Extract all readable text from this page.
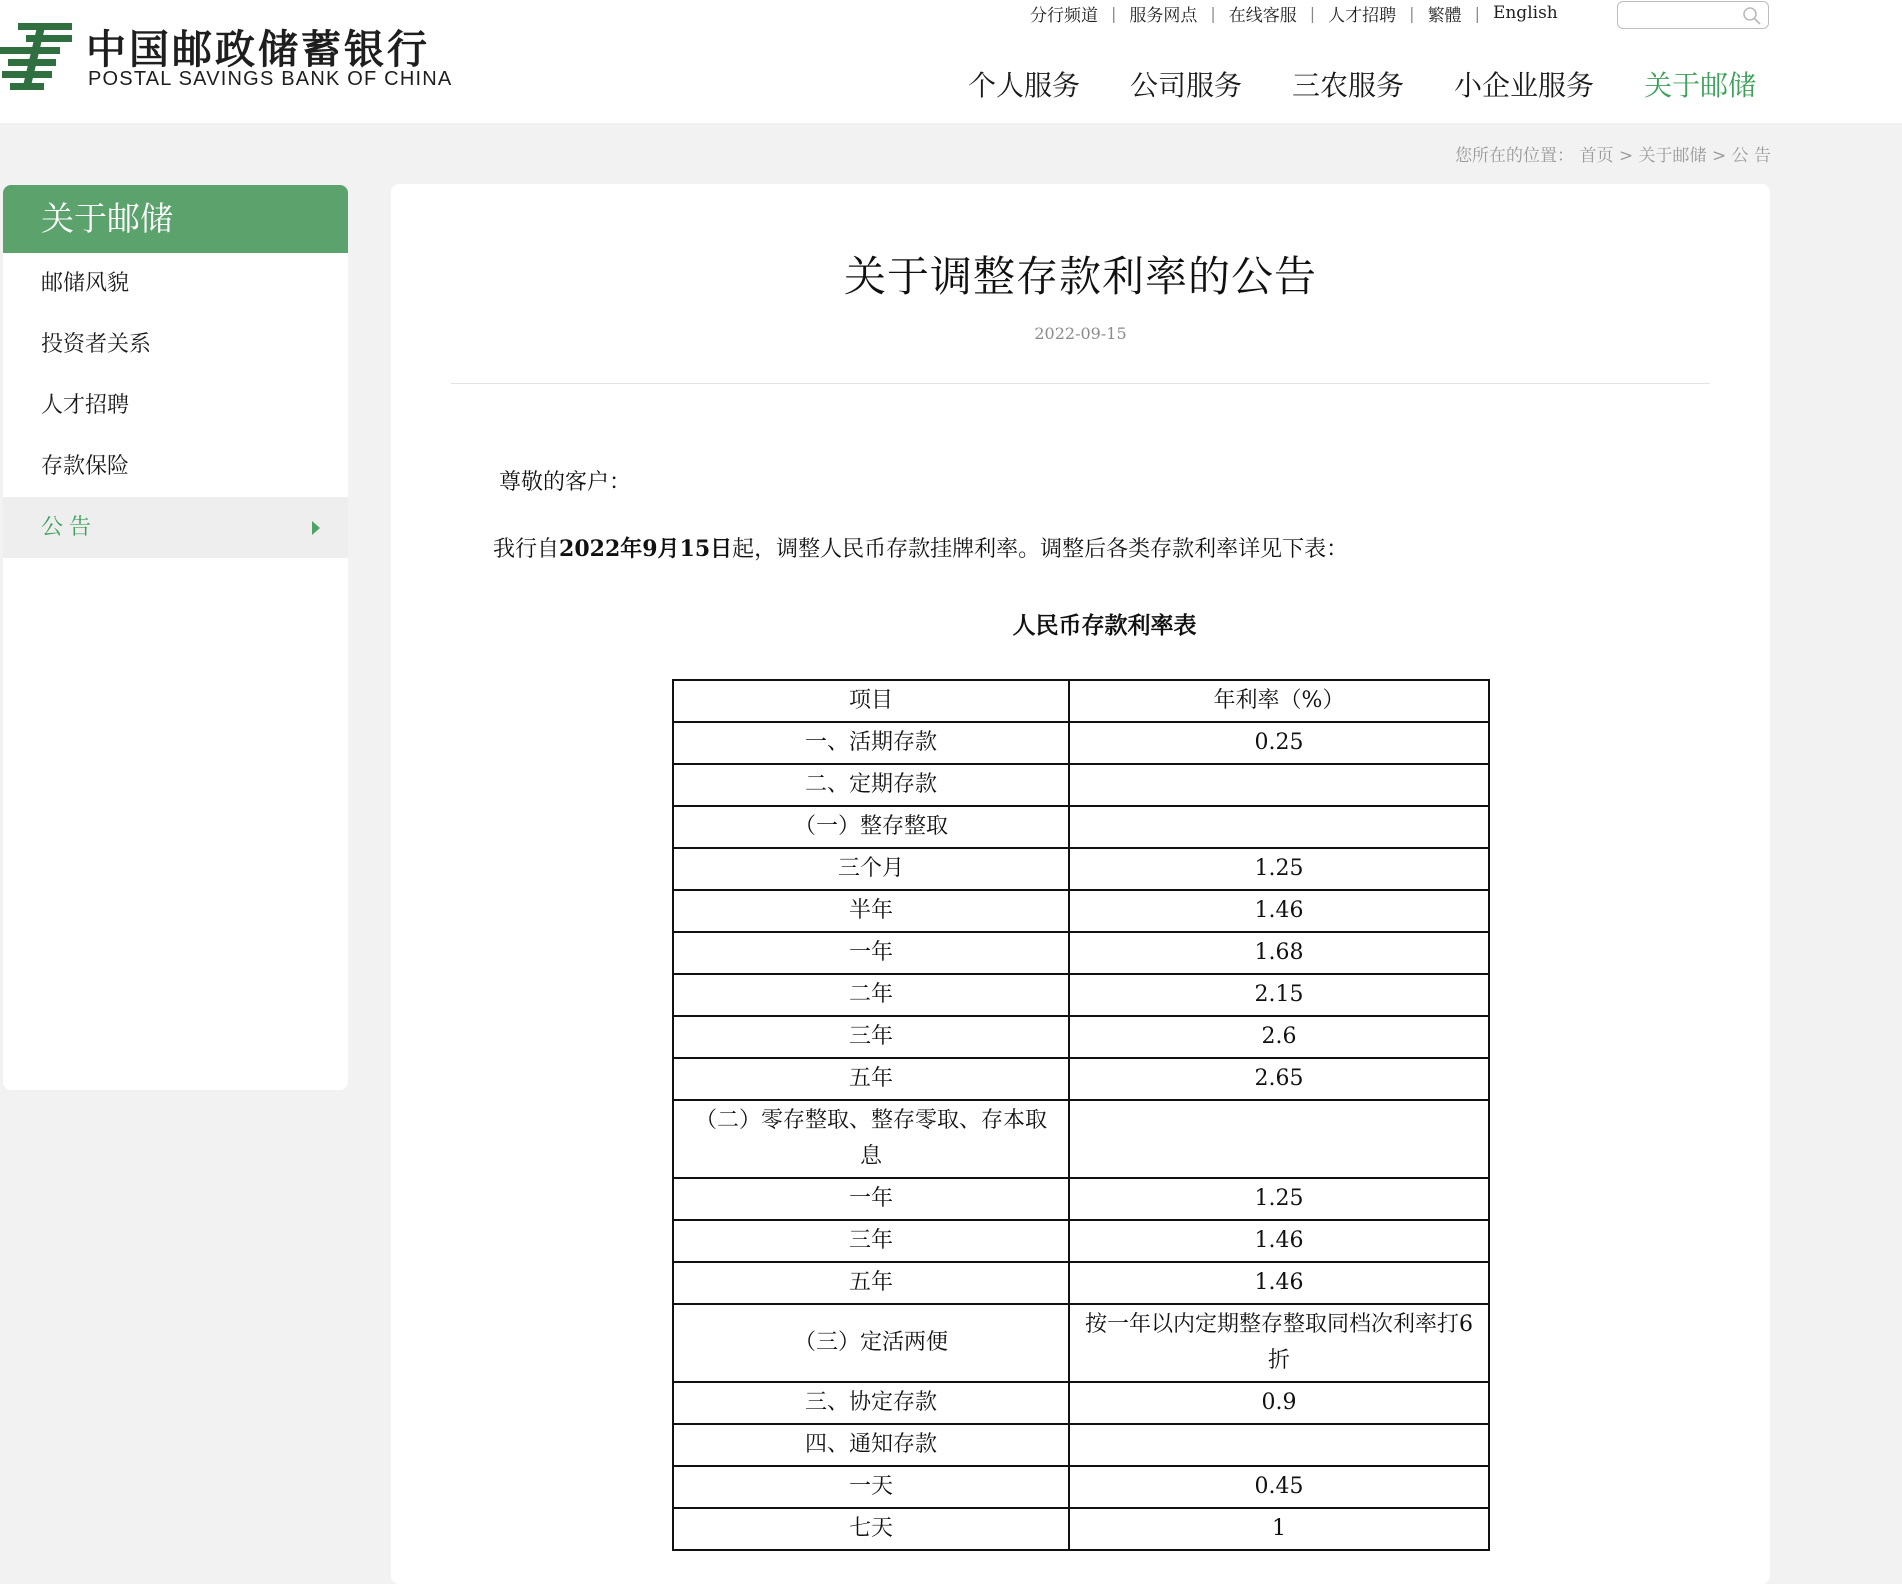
中国邮政储蓄银行
POSTAL SAVINGS BANK OF CHINA
分行频道 | 服务网点 | 在线客服 | 人才招聘 | 繁體 | English
个人服务 公司服务 三农服务 小企业服务 关于邮储
您所在的位置： 首页 > 关于邮储 > 公 告
关于邮储
邮储风貌
投资者关系
人才招聘
存款保险
公告
关于调整存款利率的公告
2022-09-15
尊敬的客户：
我行自2022年9月15日起，调整人民币存款挂牌利率。调整后各类存款利率详见下表：
人民币存款利率表
项目	年利率（%）
一、活期存款	0.25
二、定期存款	
（一）整存整取	
三个月	1.25
半年	1.46
一年	1.68
二年	2.15
三年	2.6
五年	2.65
（二）零存整取、整存零取、存本取息	
一年	1.25
三年	1.46
五年	1.46
（三）定活两便	按一年以内定期整存整取同档次利率打6折
三、协定存款	0.9
四、通知存款	
一天	0.45
七天	1
